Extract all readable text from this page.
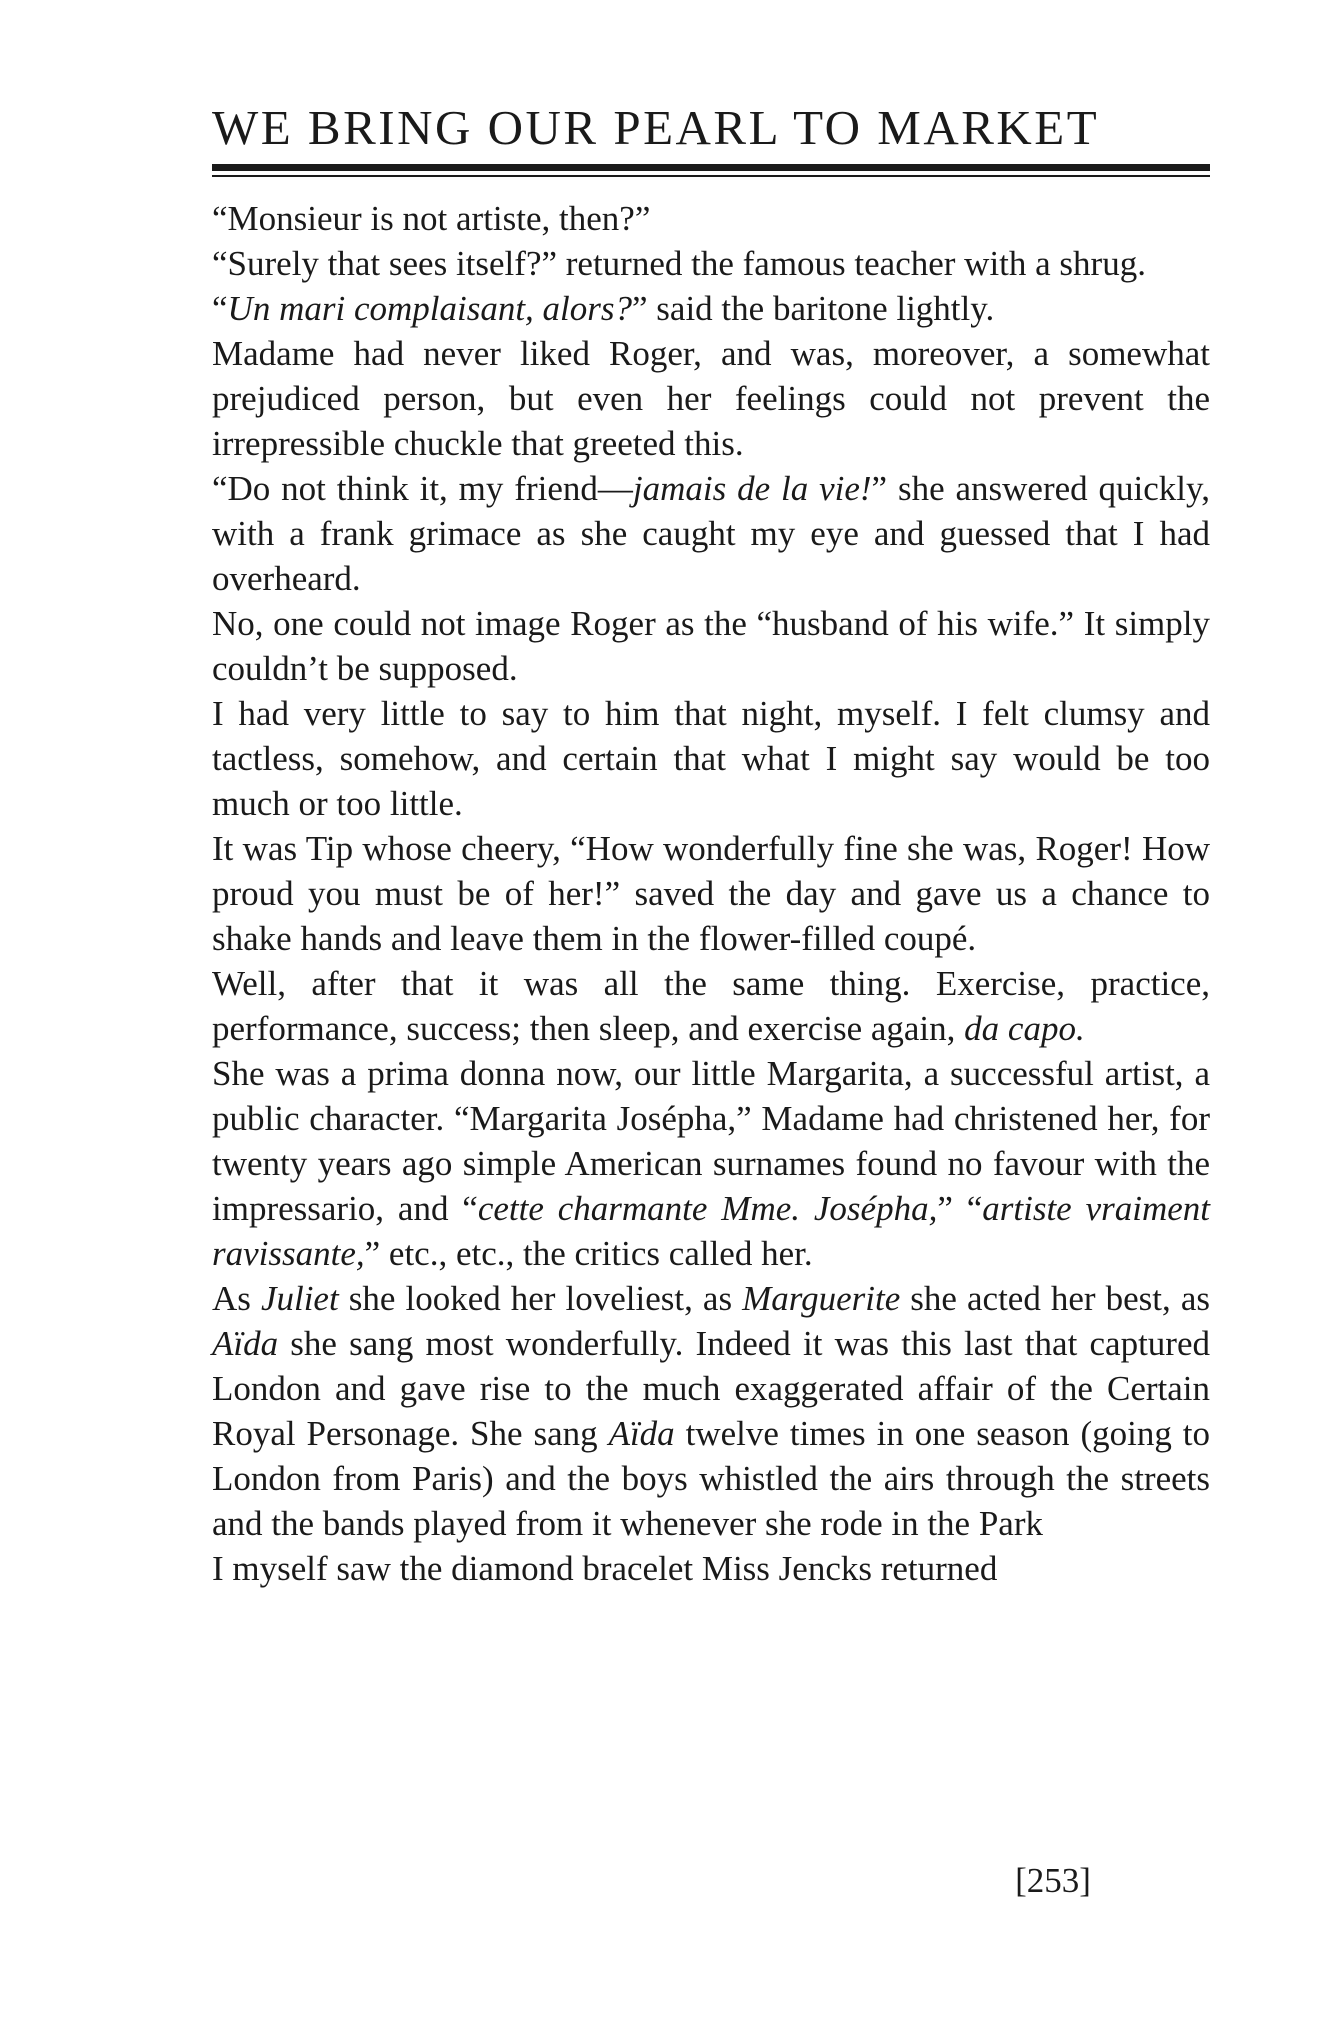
WE BRING OUR PEARL TO MARKET

“Monsieur is not artiste, then?”

“Surely that sees itself?” returned the famous teacher with a shrug.

“Un mari complaisant, alors?” said the baritone lightly.

Madame had never liked Roger, and was, moreover, a somewhat prejudiced person, but even her feelings could not prevent the irrepressible chuckle that greeted this.

“Do not think it, my friend—jamais de la vie!” she answered quickly, with a frank grimace as she caught my eye and guessed that I had overheard.

No, one could not image Roger as the “husband of his wife.” It simply couldn’t be supposed.

I had very little to say to him that night, myself. I felt clumsy and tactless, somehow, and certain that what I might say would be too much or too little.

It was Tip whose cheery, “How wonderfully fine she was, Roger! How proud you must be of her!” saved the day and gave us a chance to shake hands and leave them in the flower-filled coupé.

Well, after that it was all the same thing. Exercise, practice, performance, success; then sleep, and exercise again, da capo.

She was a prima donna now, our little Margarita, a successful artist, a public character. “Margarita Josépha,” Madame had christened her, for twenty years ago simple American surnames found no favour with the impressario, and “cette charmante Mme. Josépha,” “artiste vraiment ravissante,” etc., etc., the critics called her.

As Juliet she looked her loveliest, as Marguerite she acted her best, as Aïda she sang most wonderfully. Indeed it was this last that captured London and gave rise to the much exaggerated affair of the Certain Royal Personage. She sang Aïda twelve times in one season (going to London from Paris) and the boys whistled the airs through the streets and the bands played from it whenever she rode in the Park

I myself saw the diamond bracelet Miss Jencks returned

[253]
